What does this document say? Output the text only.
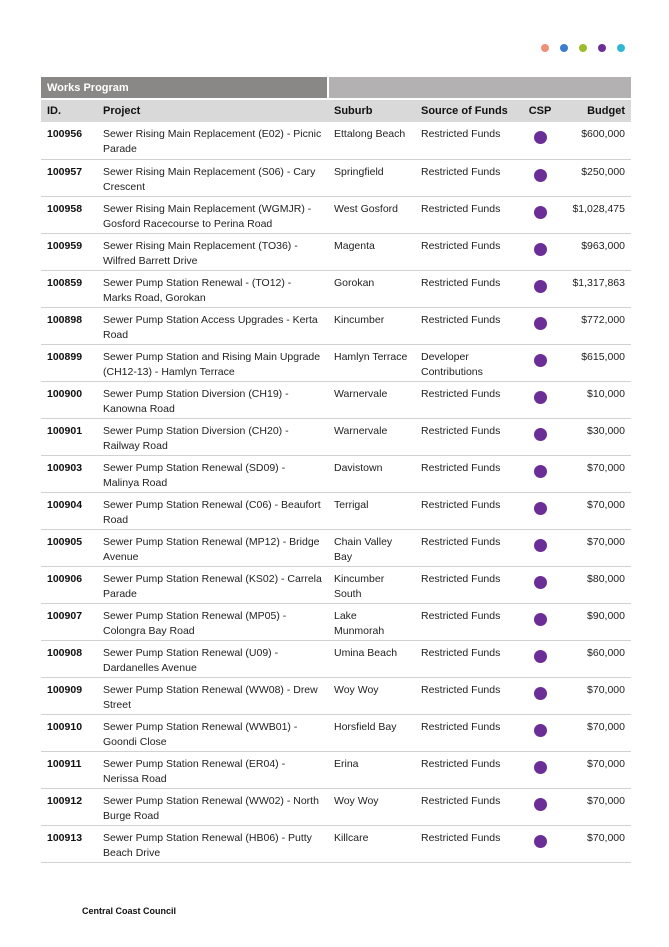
Works Program					
ID.	Project	Suburb	Source of Funds	CSP	Budget
100956	Sewer Rising Main Replacement (E02) - Picnic Parade	Ettalong Beach	Restricted Funds		$600,000
100957	Sewer Rising Main Replacement (S06) - Cary Crescent	Springfield	Restricted Funds		$250,000
100958	Sewer Rising Main Replacement (WGMJR) - Gosford Racecourse to Perina Road	West Gosford	Restricted Funds		$1,028,475
100959	Sewer Rising Main Replacement (TO36) - Wilfred Barrett Drive	Magenta	Restricted Funds		$963,000
100859	Sewer Pump Station Renewal - (TO12) - Marks Road, Gorokan	Gorokan	Restricted Funds		$1,317,863
100898	Sewer Pump Station Access Upgrades - Kerta Road	Kincumber	Restricted Funds		$772,000
100899	Sewer Pump Station and Rising Main Upgrade (CH12-13) - Hamlyn Terrace	Hamlyn Terrace	Developer Contributions		$615,000
100900	Sewer Pump Station Diversion (CH19) - Kanowna Road	Warnervale	Restricted Funds		$10,000
100901	Sewer Pump Station Diversion (CH20) - Railway Road	Warnervale	Restricted Funds		$30,000
100903	Sewer Pump Station Renewal (SD09) - Malinya Road	Davistown	Restricted Funds		$70,000
100904	Sewer Pump Station Renewal (C06) - Beaufort Road	Terrigal	Restricted Funds		$70,000
100905	Sewer Pump Station Renewal (MP12) - Bridge Avenue	Chain Valley Bay	Restricted Funds		$70,000
100906	Sewer Pump Station Renewal (KS02) - Carrela Parade	Kincumber South	Restricted Funds		$80,000
100907	Sewer Pump Station Renewal (MP05) - Colongra Bay Road	Lake Munmorah	Restricted Funds		$90,000
100908	Sewer Pump Station Renewal (U09) - Dardanelles Avenue	Umina Beach	Restricted Funds		$60,000
100909	Sewer Pump Station Renewal (WW08) - Drew Street	Woy Woy	Restricted Funds		$70,000
100910	Sewer Pump Station Renewal (WWB01) - Goondi Close	Horsfield Bay	Restricted Funds		$70,000
100911	Sewer Pump Station Renewal (ER04) - Nerissa Road	Erina	Restricted Funds		$70,000
100912	Sewer Pump Station Renewal (WW02) - North Burge Road	Woy Woy	Restricted Funds		$70,000
100913	Sewer Pump Station Renewal (HB06) - Putty Beach Drive	Killcare	Restricted Funds		$70,000
Central Coast Council
